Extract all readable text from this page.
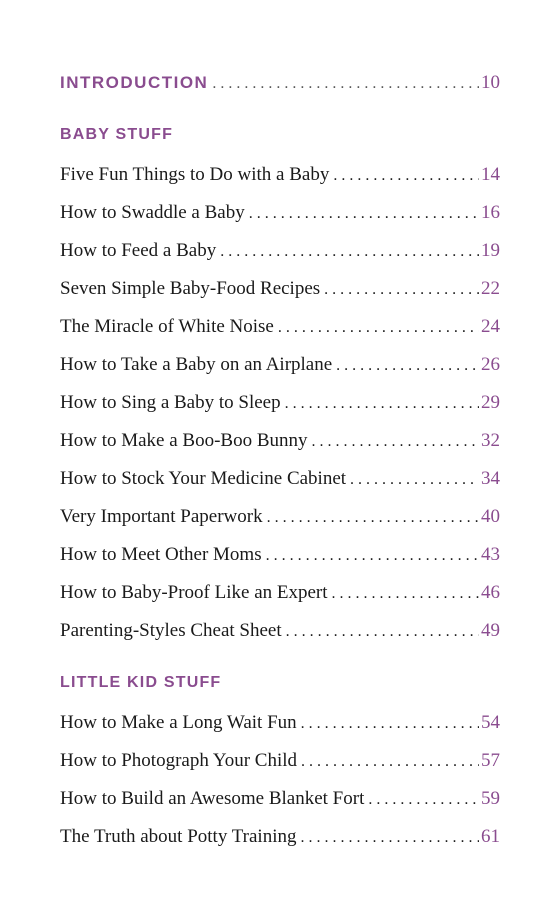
INTRODUCTION . . .	10
BABY STUFF
Five Fun Things to Do with a Baby . . .	14
How to Swaddle a Baby . . .	16
How to Feed a Baby . . .	19
Seven Simple Baby-Food Recipes . . .	22
The Miracle of White Noise . . .	24
How to Take a Baby on an Airplane . . .	26
How to Sing a Baby to Sleep . . .	29
How to Make a Boo-Boo Bunny . . .	32
How to Stock Your Medicine Cabinet . . .	34
Very Important Paperwork . . .	40
How to Meet Other Moms . . .	43
How to Baby-Proof Like an Expert . . .	46
Parenting-Styles Cheat Sheet . . .	49
LITTLE KID STUFF
How to Make a Long Wait Fun . . .	54
How to Photograph Your Child . . .	57
How to Build an Awesome Blanket Fort . . .	59
The Truth about Potty Training . . .	61
